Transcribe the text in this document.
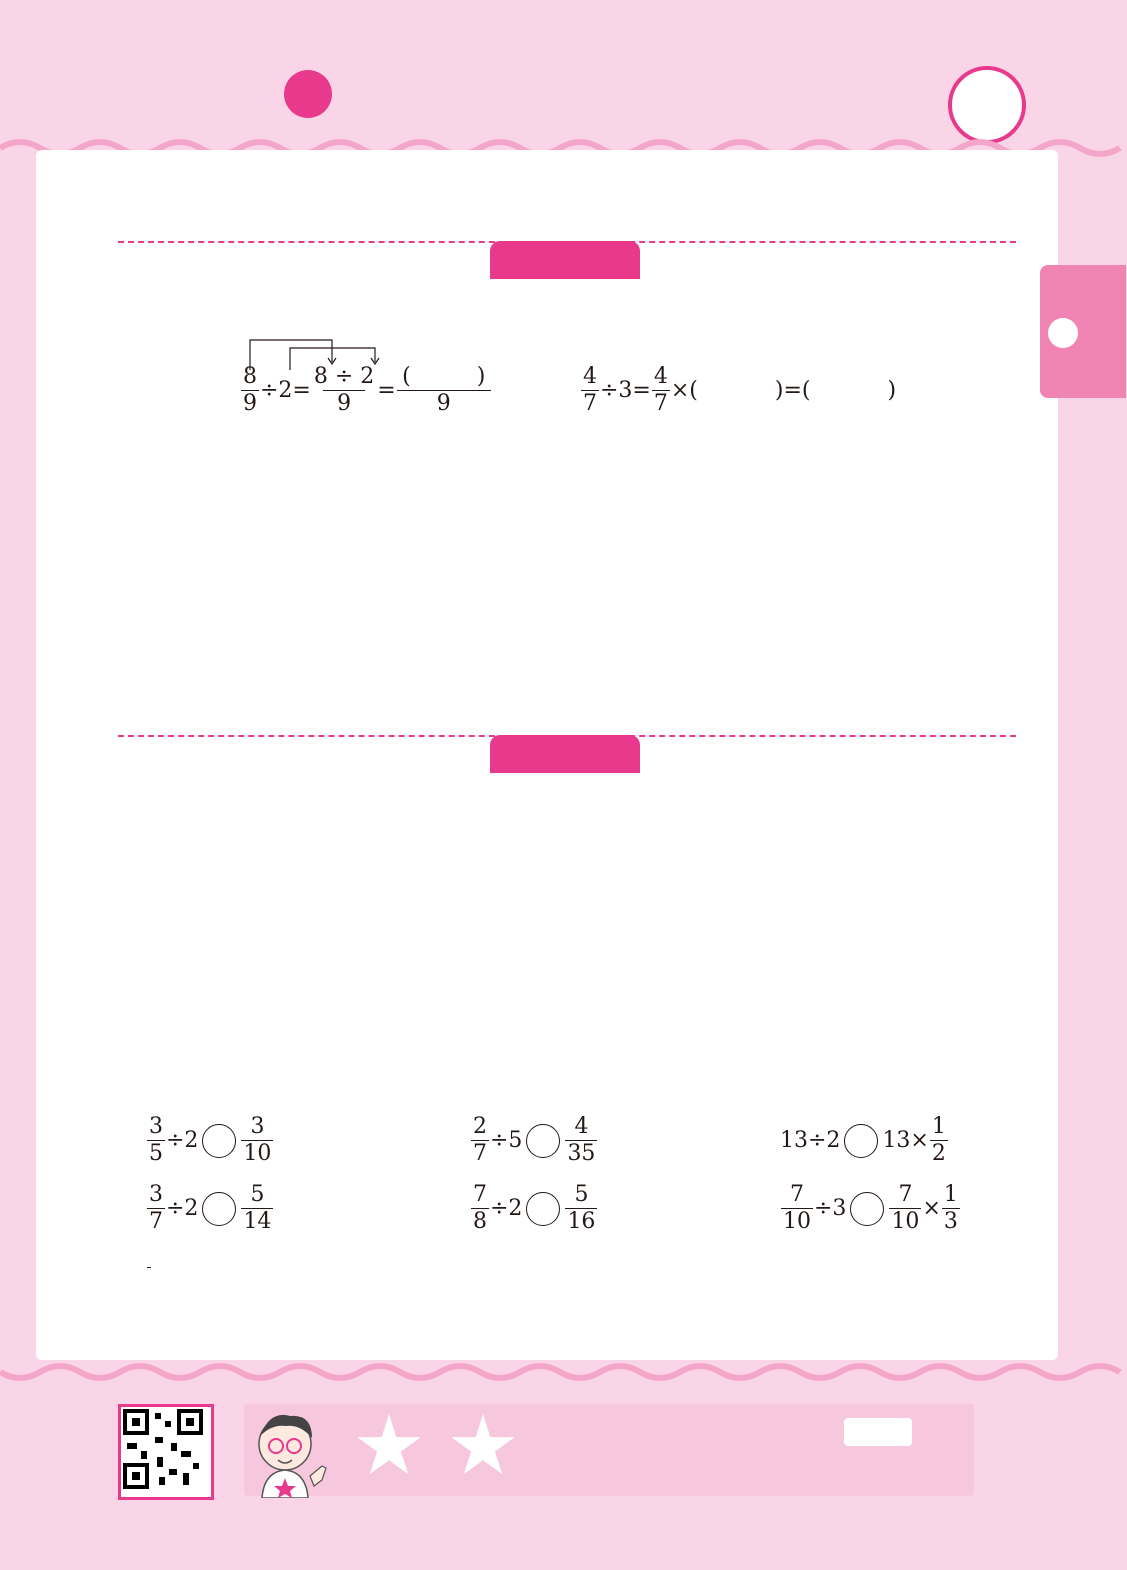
$\frac{8}{9} \div 2= \frac{8 \div 2}{9} = \frac{( )}{9}$	$\frac{4}{7} \div 3= \frac{4}{7}$ ×(       )=(       )
$\frac{3}{5} \div 2 \frac{3}{10}$	$\frac{2}{7} \div 5 \frac{4}{35}$	13÷2 $13\times \frac{1}{2}$
$\frac{3}{7} \div 2 \frac{5}{14}$	$\frac{7}{8} \div 2 \frac{5}{16}$	$\frac{7}{10} \div 3 \frac{7}{10} \times \frac{1}{3}$
